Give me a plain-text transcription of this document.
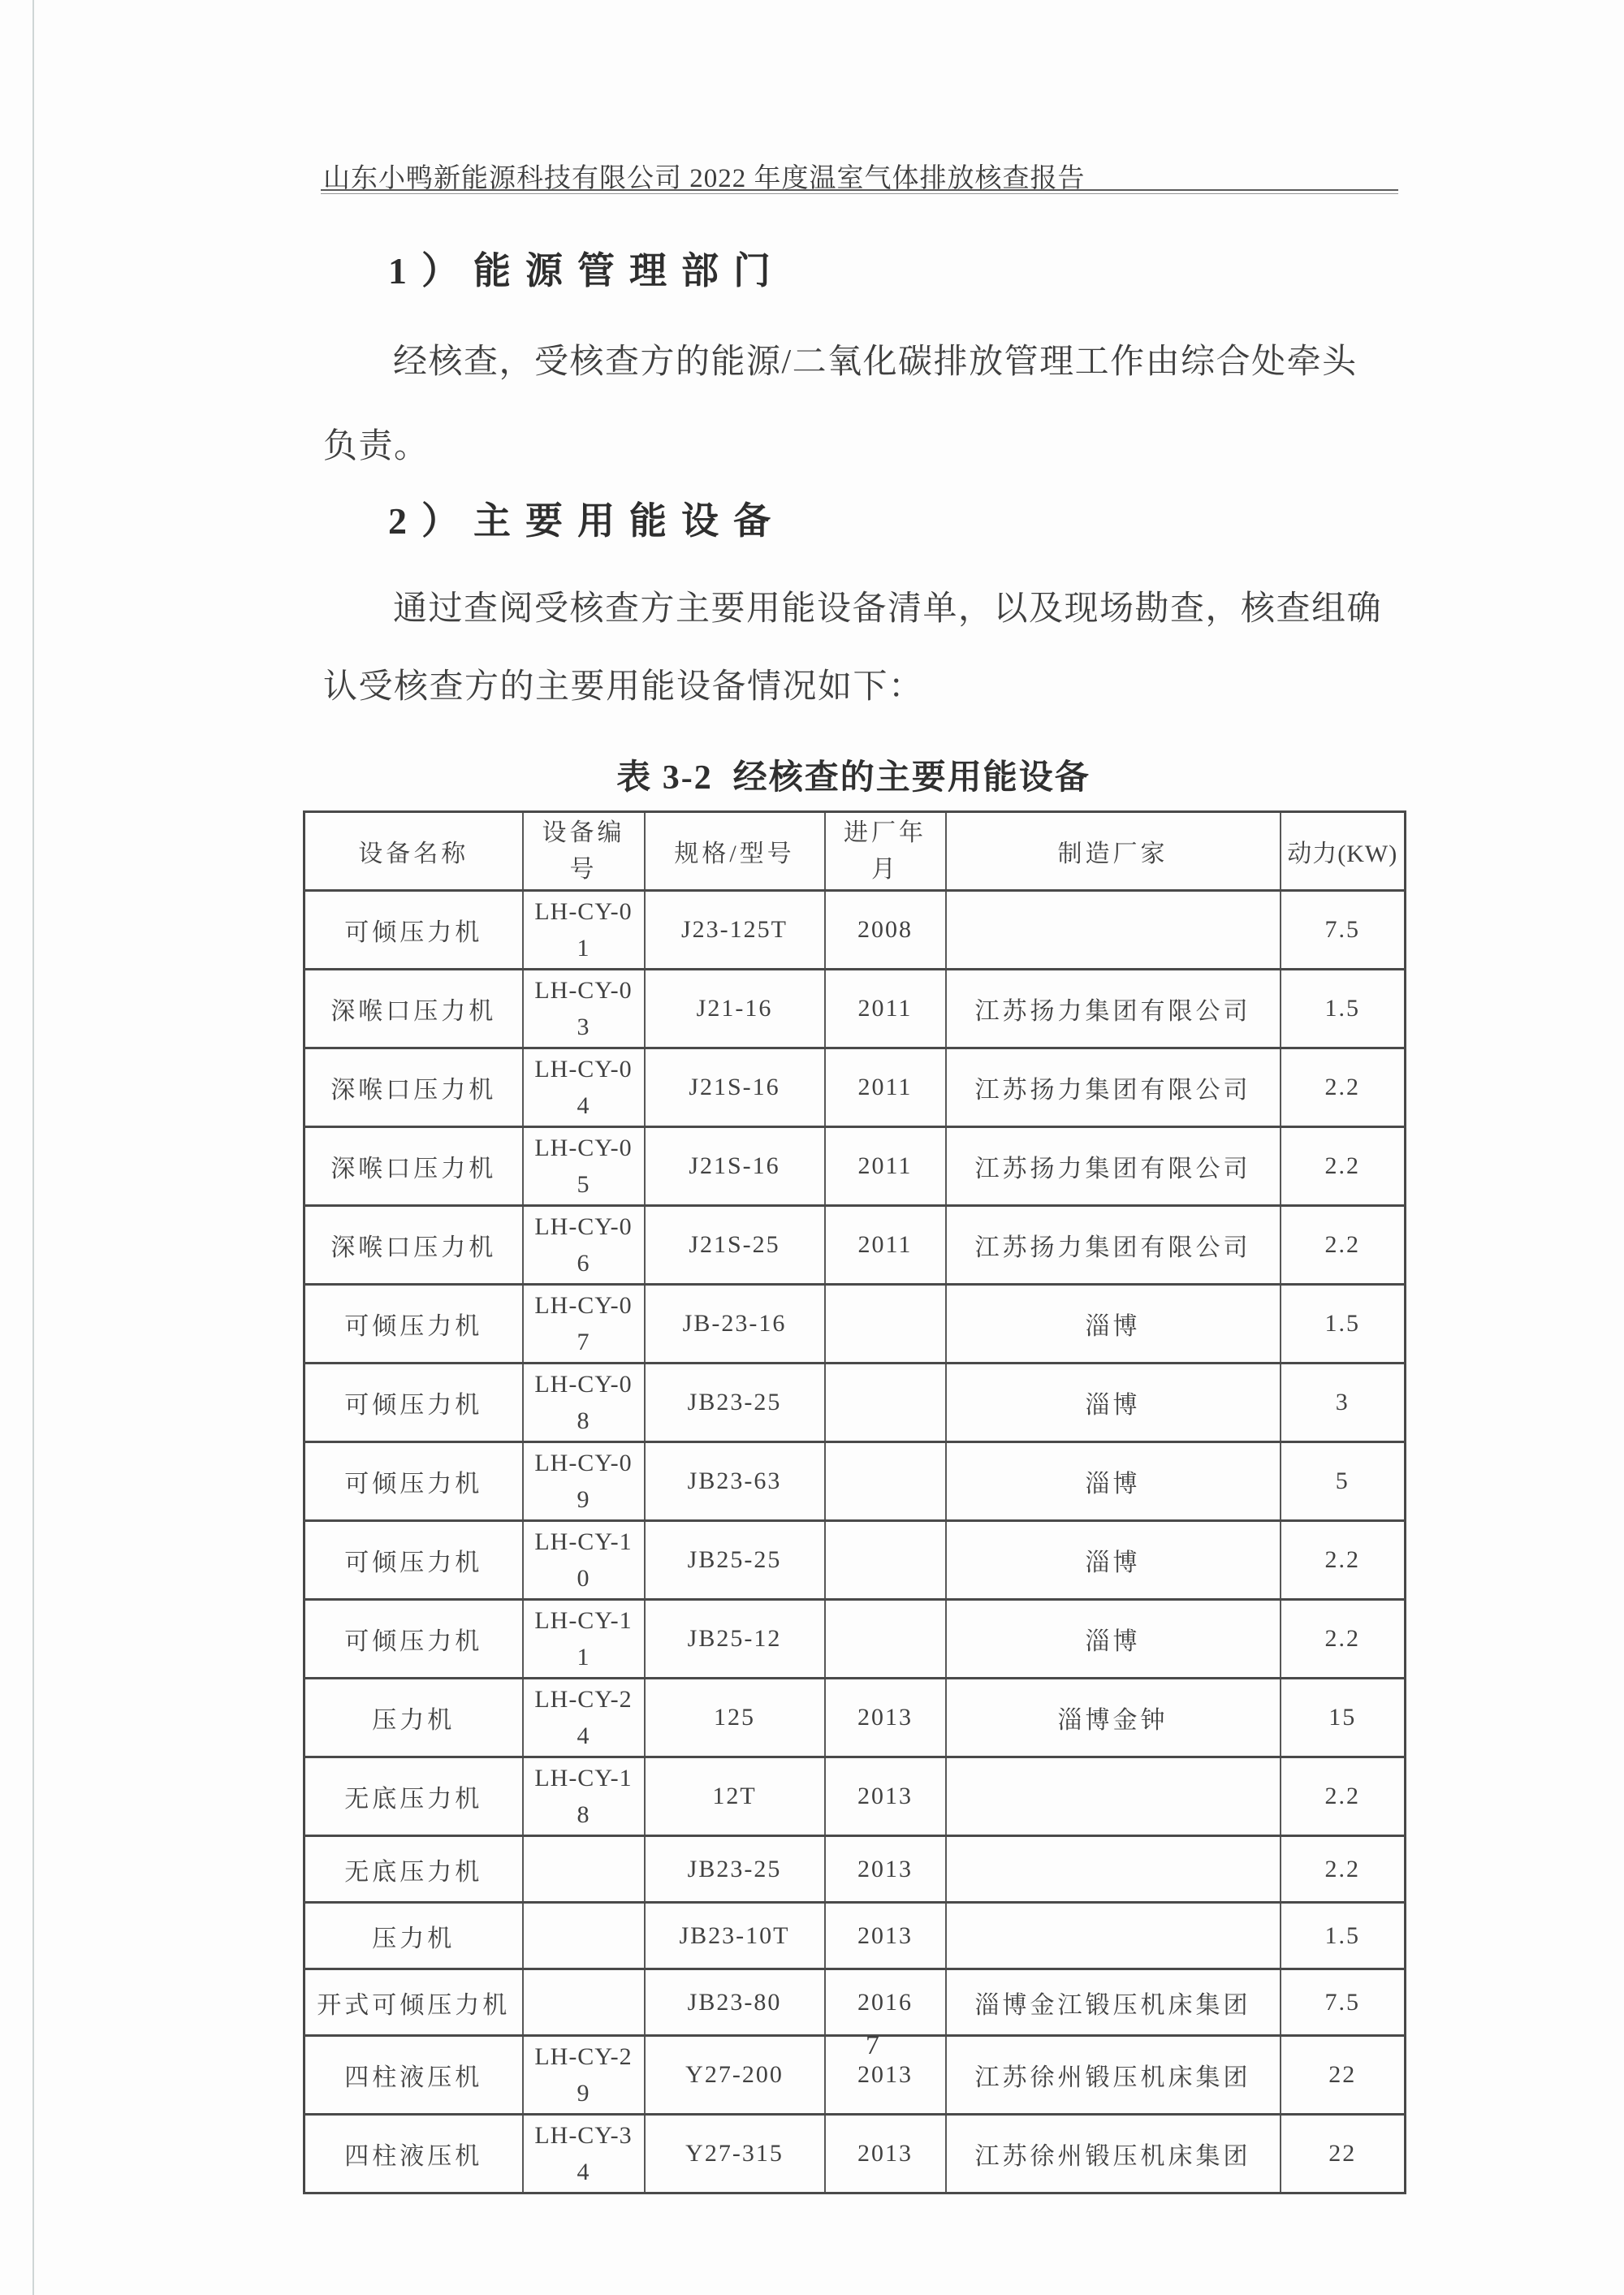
山东小鸭新能源科技有限公司 2022 年度温室气体排放核查报告
1）能源管理部门
经核查，受核查方的能源/二氧化碳排放管理工作由综合处牵头
负责。
2）主要用能设备
通过查阅受核查方主要用能设备清单，以及现场勘查，核查组确
认受核查方的主要用能设备情况如下：
表 3-2  经核查的主要用能设备
设备名称	设备编号	规格/型号	进厂年月	制造厂家	动力(KW)
可倾压力机	LH-CY-01	J23-125T	2008		7.5
深喉口压力机	LH-CY-03	J21-16	2011	江苏扬力集团有限公司	1.5
深喉口压力机	LH-CY-04	J21S-16	2011	江苏扬力集团有限公司	2.2
深喉口压力机	LH-CY-05	J21S-16	2011	江苏扬力集团有限公司	2.2
深喉口压力机	LH-CY-06	J21S-25	2011	江苏扬力集团有限公司	2.2
可倾压力机	LH-CY-07	JB-23-16		淄博	1.5
可倾压力机	LH-CY-08	JB23-25		淄博	3
可倾压力机	LH-CY-09	JB23-63		淄博	5
可倾压力机	LH-CY-10	JB25-25		淄博	2.2
可倾压力机	LH-CY-11	JB25-12		淄博	2.2
压力机	LH-CY-24	125	2013	淄博金钟	15
无底压力机	LH-CY-18	12T	2013		2.2
无底压力机		JB23-25	2013		2.2
压力机		JB23-10T	2013		1.5
开式可倾压力机		JB23-80	2016	淄博金江锻压机床集团	7.5
四柱液压机	LH-CY-29	Y27-200	2013	江苏徐州锻压机床集团	22
四柱液压机	LH-CY-34	Y27-315	2013	江苏徐州锻压机床集团	22
7
